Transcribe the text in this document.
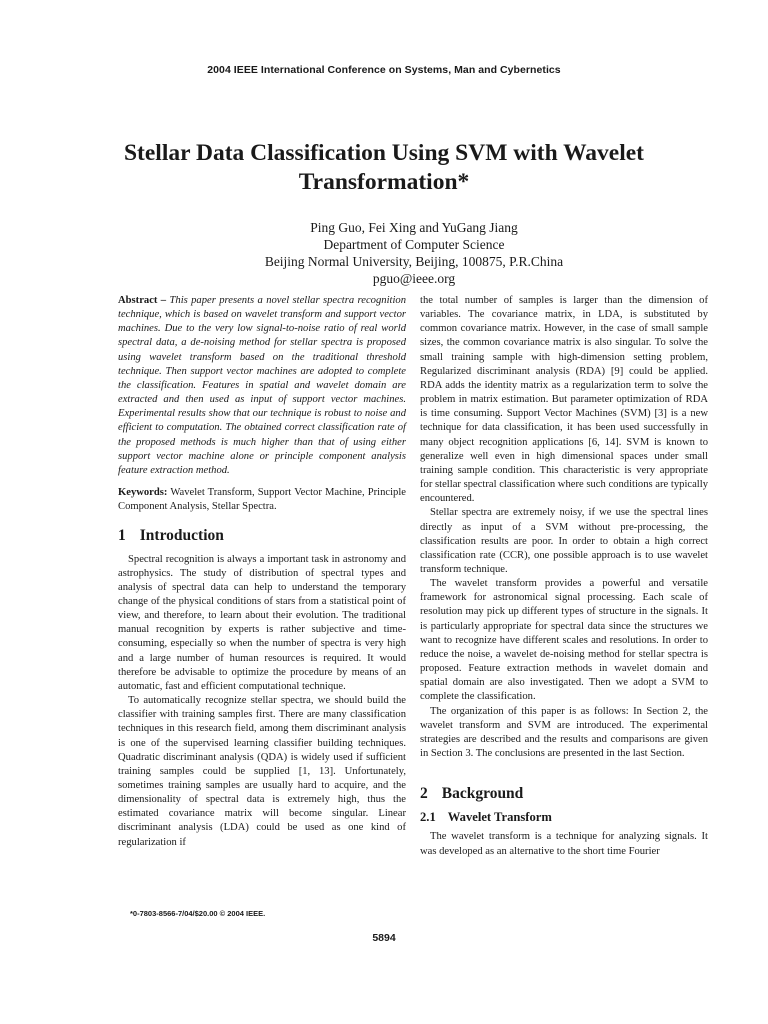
2004 IEEE International Conference on Systems, Man and Cybernetics
Stellar Data Classification Using SVM with Wavelet Transformation*
Ping Guo, Fei Xing and YuGang Jiang
Department of Computer Science
Beijing Normal University, Beijing, 100875, P.R.China
pguo@ieee.org

Abstract – This paper presents a novel stellar spectra recognition technique, which is based on wavelet transform and support vector machines. Due to the very low signal-to-noise ratio of real world spectral data, a de-noising method for stellar spectra is proposed using wavelet transform based on the traditional threshold technique. Then support vector machines are adopted to complete the classification. Features in spatial and wavelet domain are extracted and then used as input of support vector machines. Experimental results show that our technique is robust to noise and efficient to computation. The obtained correct classification rate of the proposed methods is much higher than that of using either support vector machine alone or principle component analysis feature extraction method.

Keywords: Wavelet Transform, Support Vector Machine, Principle Component Analysis, Stellar Spectra.

1 Introduction

Spectral recognition is always a important task in astronomy and astrophysics. The study of distribution of spectral types and analysis of spectral data can help to understand the temporary change of the physical conditions of stars from a statistical point of view, and therefore, to learn about their evolution. The traditional manual recognition by experts is rather subjective and time-consuming, especially so when the number of spectra is very high and a large number of human resources is required. It would therefore be advisable to optimize the procedure by means of an automatic, fast and efficient computational technique.

To automatically recognize stellar spectra, we should build the classifier with training samples first. There are many classification techniques in this research field, among them discriminant analysis is one of the supervised learning classifier building techniques. Quadratic discriminant analysis (QDA) is widely used if sufficient training samples could be supplied [1, 13]. Unfortunately, sometimes training samples are usually hard to acquire, and the dimensionality of spectral data is extremely high, thus the estimated covariance matrix will become singular. Linear discriminant analysis (LDA) could be used as one kind of regularization if

the total number of samples is larger than the dimension of variables. The covariance matrix, in LDA, is substituted by common covariance matrix. However, in the case of small sample sizes, the common covariance matrix is also singular. To solve the small training sample with high-dimension setting problem, Regularized discriminant analysis (RDA) [9] could be applied. RDA adds the identity matrix as a regularization term to solve the problem in matrix estimation. But parameter optimization of RDA is time consuming. Support Vector Machines (SVM) [3] is a new technique for data classification, it has been used successfully in many object recognition applications [6, 14]. SVM is known to generalize well even in high dimensional spaces under small training sample condition. This characteristic is very appropriate for stellar spectral classification where such conditions are typically encountered.

Stellar spectra are extremely noisy, if we use the spectral lines directly as input of a SVM without pre-processing, the classification results are poor. In order to obtain a high correct classification rate (CCR), one possible approach is to use wavelet transform technique.

The wavelet transform provides a powerful and versatile framework for astronomical signal processing. Each scale of resolution may pick up different types of structure in the signals. It is particularly appropriate for spectral data since the structures we want to recognize have different scales and resolutions. In order to reduce the noise, a wavelet de-noising method for stellar spectra is proposed. Feature extraction methods in wavelet domain and spatial domain are also investigated. Then we adopt a SVM to complete the classification.

The organization of this paper is as follows: In Section 2, the wavelet transform and SVM are introduced. The experimental strategies are described and the results and comparisons are given in Section 3. The conclusions are presented in the last Section.

2 Background

2.1 Wavelet Transform

The wavelet transform is a technique for analyzing signals. It was developed as an alternative to the short time Fourier

*0-7803-8566-7/04/$20.00 © 2004 IEEE.
5894
